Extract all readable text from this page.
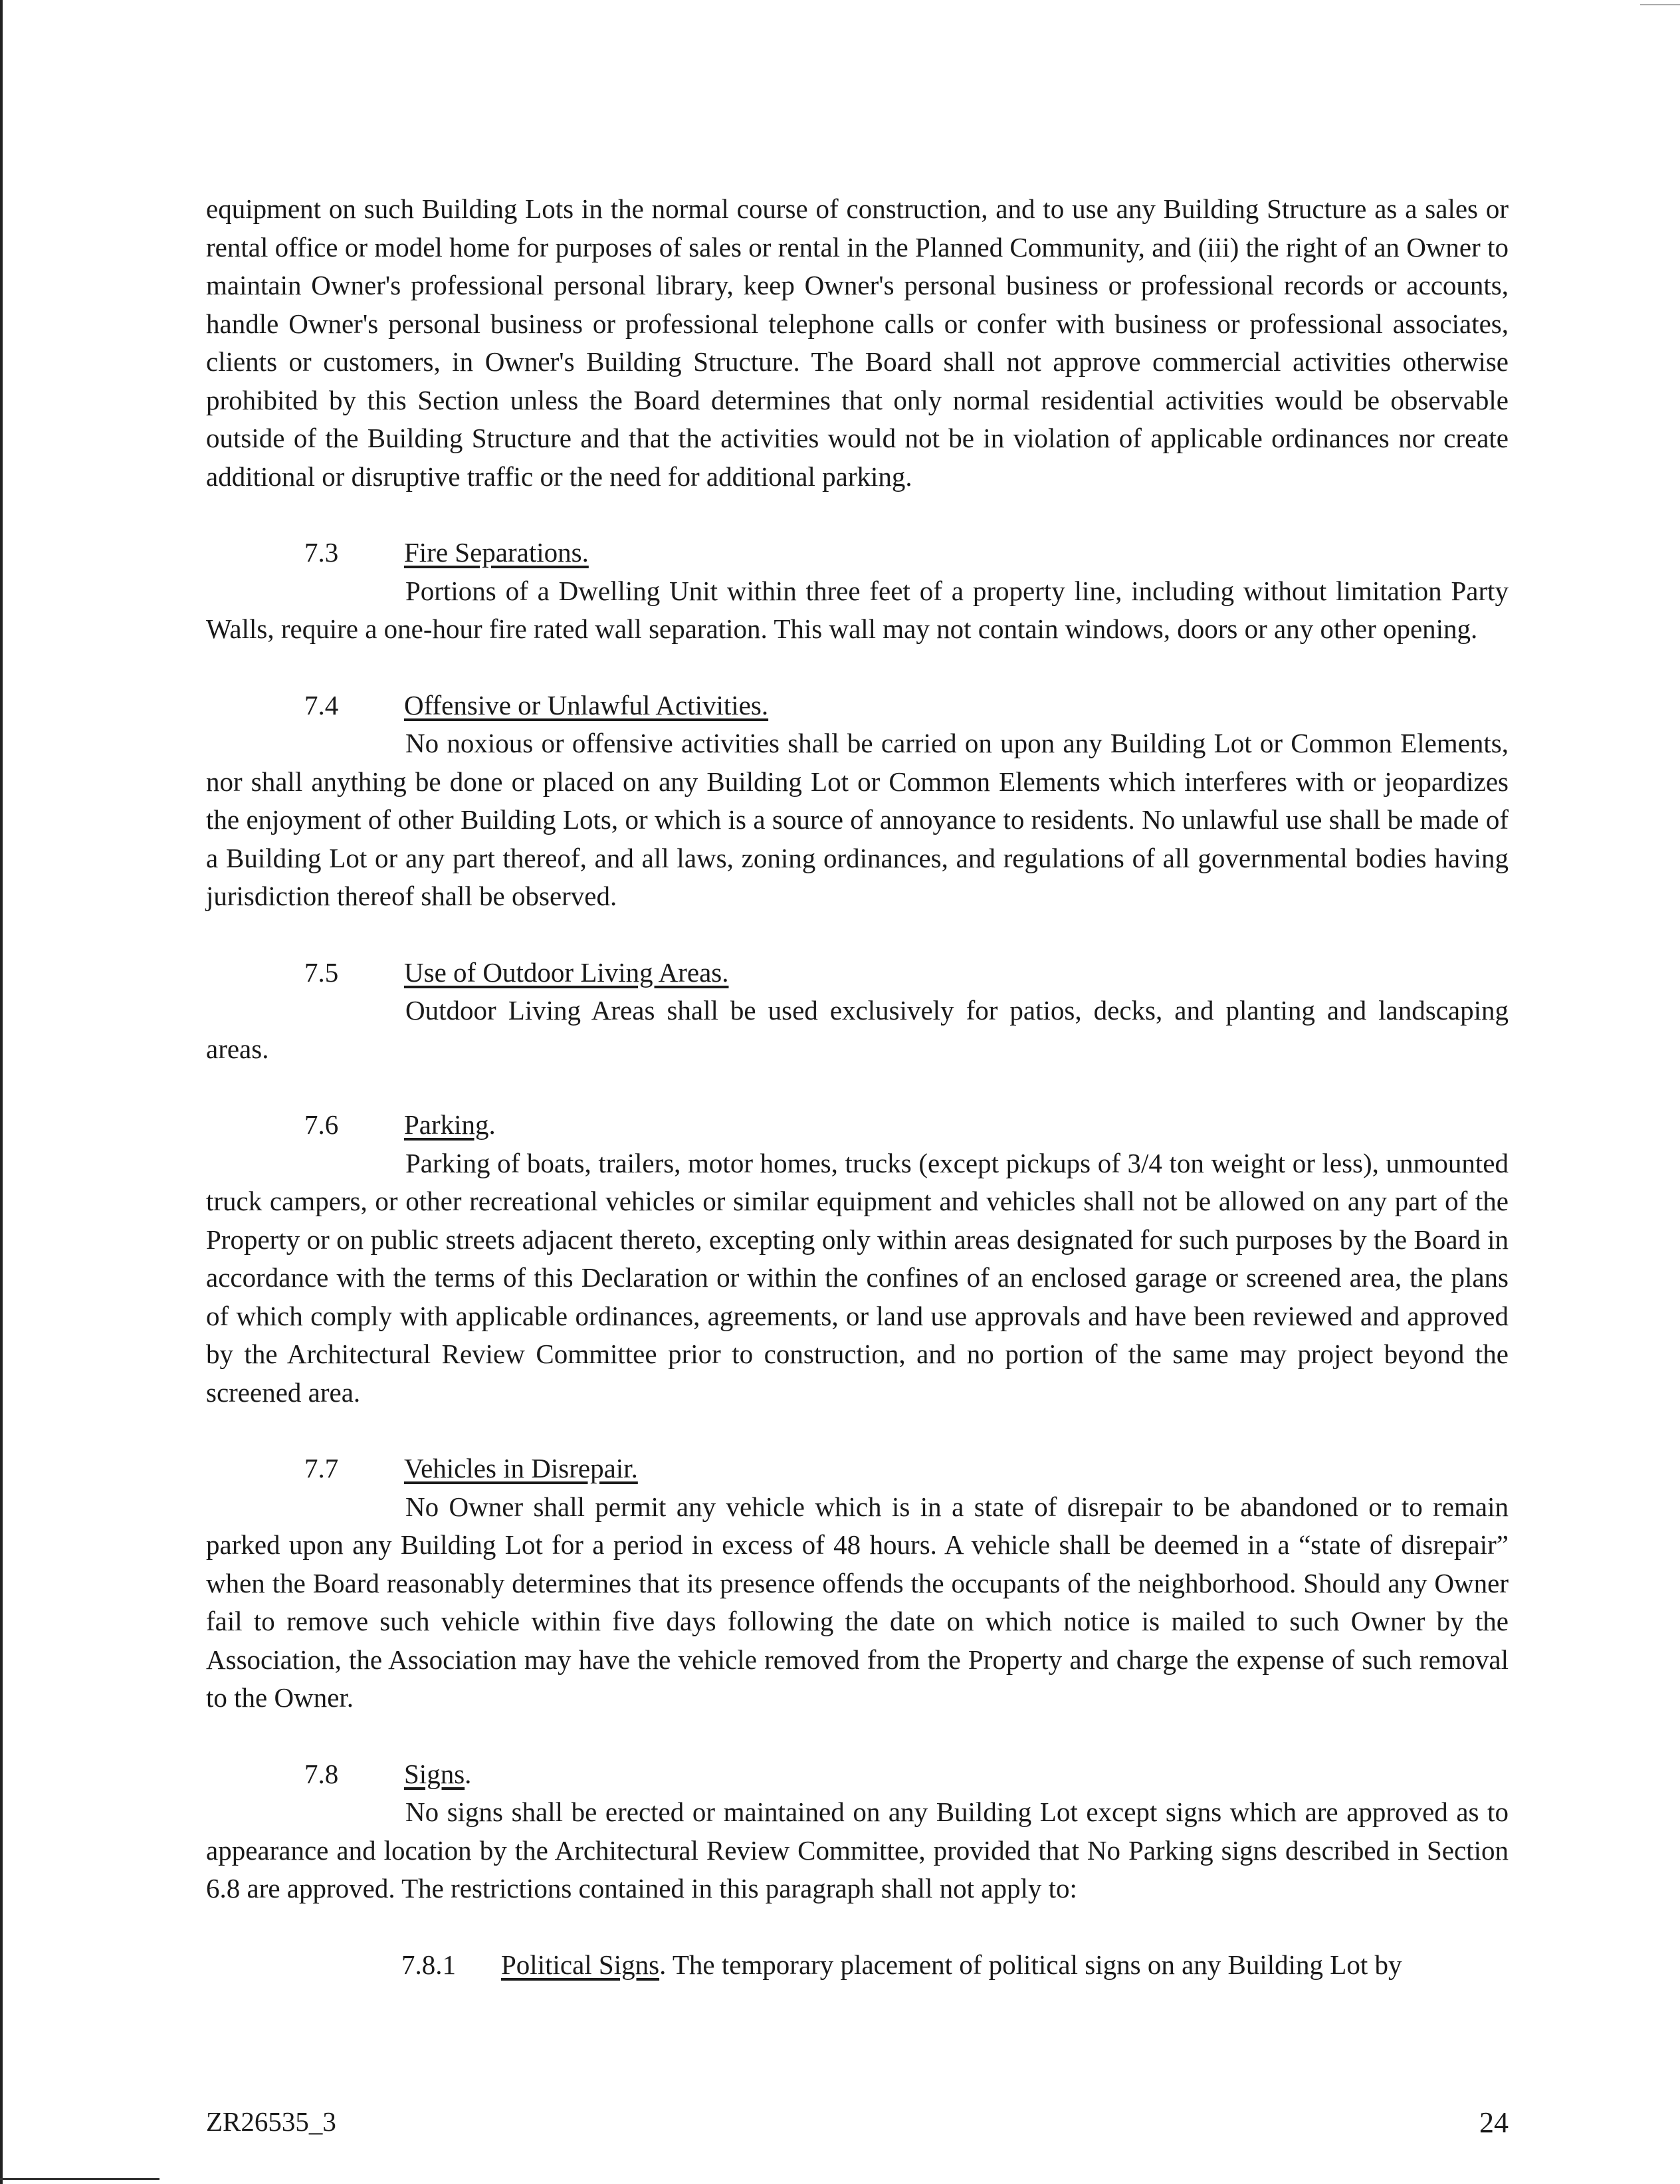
equipment on such Building Lots in the normal course of construction, and to use any Building Structure as a sales or rental office or model home for purposes of sales or rental in the Planned Community, and (iii) the right of an Owner to maintain Owner's professional personal library, keep Owner's personal business or professional records or accounts, handle Owner's personal business or professional telephone calls or confer with business or professional associates, clients or customers, in Owner's Building Structure. The Board shall not approve commercial activities otherwise prohibited by this Section unless the Board determines that only normal residential activities would be observable outside of the Building Structure and that the activities would not be in violation of applicable ordinances nor create additional or disruptive traffic or the need for additional parking.

7.3 Fire Separations.

Portions of a Dwelling Unit within three feet of a property line, including without limitation Party Walls, require a one-hour fire rated wall separation. This wall may not contain windows, doors or any other opening.

7.4 Offensive or Unlawful Activities.

No noxious or offensive activities shall be carried on upon any Building Lot or Common Elements, nor shall anything be done or placed on any Building Lot or Common Elements which interferes with or jeopardizes the enjoyment of other Building Lots, or which is a source of annoyance to residents. No unlawful use shall be made of a Building Lot or any part thereof, and all laws, zoning ordinances, and regulations of all governmental bodies having jurisdiction thereof shall be observed.

7.5 Use of Outdoor Living Areas.

Outdoor Living Areas shall be used exclusively for patios, decks, and planting and landscaping areas.

7.6 Parking.

Parking of boats, trailers, motor homes, trucks (except pickups of 3/4 ton weight or less), unmounted truck campers, or other recreational vehicles or similar equipment and vehicles shall not be allowed on any part of the Property or on public streets adjacent thereto, excepting only within areas designated for such purposes by the Board in accordance with the terms of this Declaration or within the confines of an enclosed garage or screened area, the plans of which comply with applicable ordinances, agreements, or land use approvals and have been reviewed and approved by the Architectural Review Committee prior to construction, and no portion of the same may project beyond the screened area.

7.7 Vehicles in Disrepair.

No Owner shall permit any vehicle which is in a state of disrepair to be abandoned or to remain parked upon any Building Lot for a period in excess of 48 hours. A vehicle shall be deemed in a “state of disrepair” when the Board reasonably determines that its presence offends the occupants of the neighborhood. Should any Owner fail to remove such vehicle within five days following the date on which notice is mailed to such Owner by the Association, the Association may have the vehicle removed from the Property and charge the expense of such removal to the Owner.

7.8 Signs.

No signs shall be erected or maintained on any Building Lot except signs which are approved as to appearance and location by the Architectural Review Committee, provided that No Parking signs described in Section 6.8 are approved. The restrictions contained in this paragraph shall not apply to:

7.8.1 Political Signs. The temporary placement of political signs on any Building Lot by
ZR26535_3	24
